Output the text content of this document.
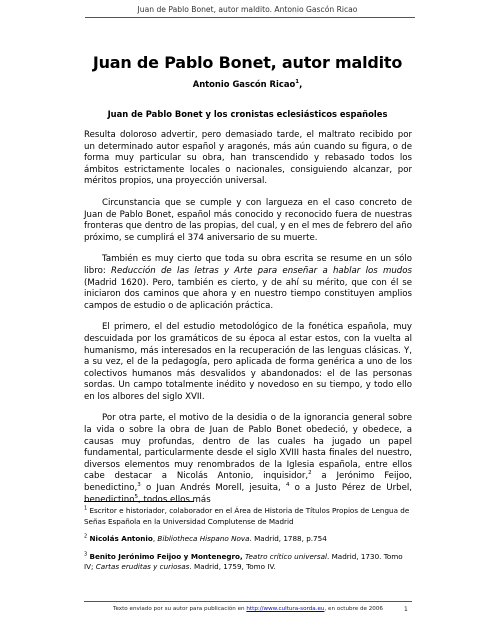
Juan de Pablo Bonet, autor maldito. Antonio Gascón Ricao
Juan de Pablo Bonet, autor maldito
Antonio Gascón Ricao$^1$,
Juan de Pablo Bonet y los cronistas eclesiásticos españoles

Resulta doloroso advertir, pero demasiado tarde, el maltrato recibido por un determinado autor español y aragonés, más aún cuando su figura, o de forma muy particular su obra, han transcendido y rebasado todos los ámbitos estrictamente locales o nacionales, consiguiendo alcanzar, por méritos propios, una proyección universal.

Circunstancia que se cumple y con largueza en el caso concreto de Juan de Pablo Bonet, español más conocido y reconocido fuera de nuestras fronteras que dentro de las propias, del cual, y en el mes de febrero del año próximo, se cumplirá el 374 aniversario de su muerte.

También es muy cierto que toda su obra escrita se resume en un sólo libro: Reducción de las letras y Arte para enseñar a hablar los mudos (Madrid 1620). Pero, también es cierto, y de ahí su mérito, que con él se iniciaron dos caminos que ahora y en nuestro tiempo constituyen amplios campos de estudio o de aplicación práctica.

El primero, el del estudio metodológico de la fonética española, muy descuidada por los gramáticos de su época al estar estos, con la vuelta al humanismo, más interesados en la recuperación de las lenguas clásicas. Y, a su vez, el de la pedagogía, pero aplicada de forma genérica a uno de los colectivos humanos más desvalidos y abandonados: el de las personas sordas. Un campo totalmente inédito y novedoso en su tiempo, y todo ello en los albores del siglo XVII.

Por otra parte, el motivo de la desidia o de la ignorancia general sobre la vida o sobre la obra de Juan de Pablo Bonet obedeció, y obedece, a causas muy profundas, dentro de las cuales ha jugado un papel fundamental, particularmente desde el siglo XVIII hasta finales del nuestro, diversos elementos muy renombrados de la Iglesia española, entre ellos cabe destacar a Nicolás Antonio, inquisidor,$^2$ a Jerónimo Feijoo, benedictino,$^3$ o Juan Andrés Morell, jesuita, $^4$ o a Justo Pérez de Urbel, benedictino$^5$, todos ellos más

$^1$ Escritor e historiador, colaborador en el Área de Historia de Títulos Propios de Lengua de Señas Española en la Universidad Complutense de Madrid
$^2$ Nicolás Antonio, Bibliotheca Hispano Nova. Madrid, 1788, p.754
$^3$ Benito Jerónimo Feijoo y Montenegro, Teatro crítico universal. Madrid, 1730. Tomo IV; Cartas eruditas y curiosas. Madrid, 1759, Tomo IV.
Texto enviado por su autor para publicación en http://www.cultura-sorda.eu, en octubre de 2006	1
